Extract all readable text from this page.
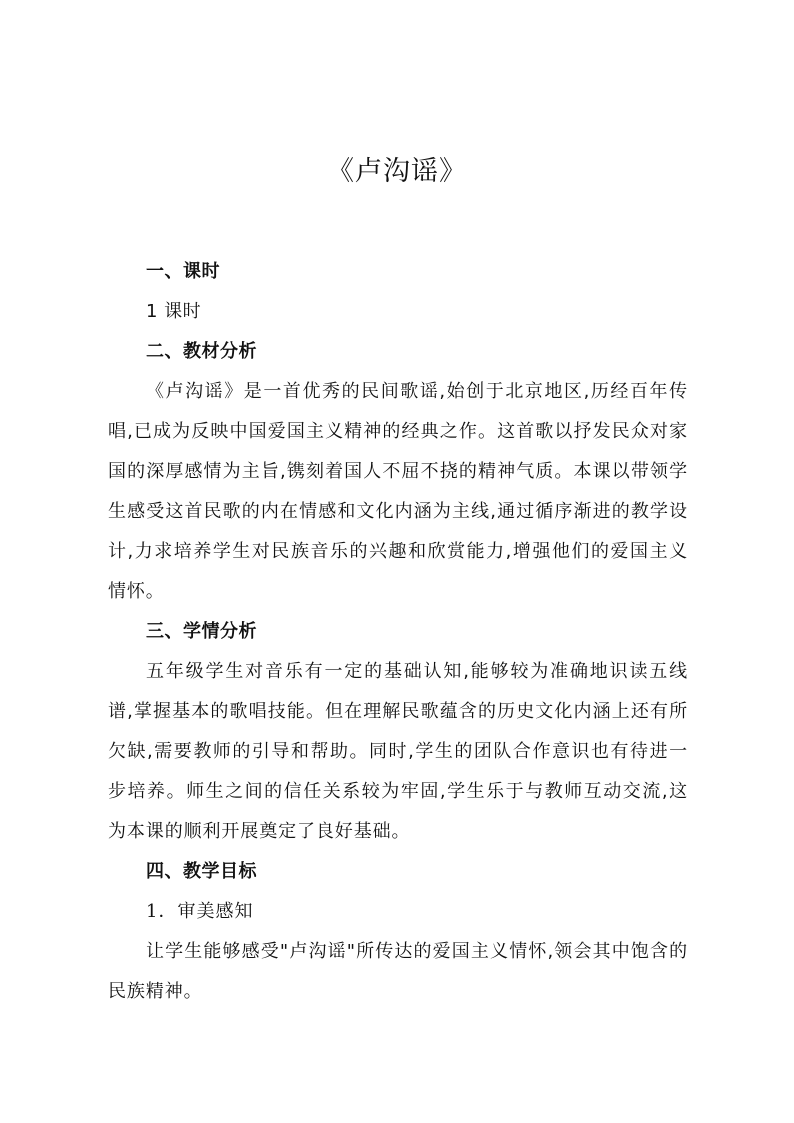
《卢沟谣》

一、课时

1 课时

二、教材分析

《卢沟谣》是一首优秀的民间歌谣,始创于北京地区,历经百年传唱,已成为反映中国爱国主义精神的经典之作。这首歌以抒发民众对家国的深厚感情为主旨,镌刻着国人不屈不挠的精神气质。本课以带领学生感受这首民歌的内在情感和文化内涵为主线,通过循序渐进的教学设计,力求培养学生对民族音乐的兴趣和欣赏能力,增强他们的爱国主义情怀。

三、学情分析

五年级学生对音乐有一定的基础认知,能够较为准确地识读五线谱,掌握基本的歌唱技能。但在理解民歌蕴含的历史文化内涵上还有所欠缺,需要教师的引导和帮助。同时,学生的团队合作意识也有待进一步培养。师生之间的信任关系较为牢固,学生乐于与教师互动交流,这为本课的顺利开展奠定了良好基础。

四、教学目标

1．审美感知

让学生能够感受"卢沟谣"所传达的爱国主义情怀,领会其中饱含的民族精神。
